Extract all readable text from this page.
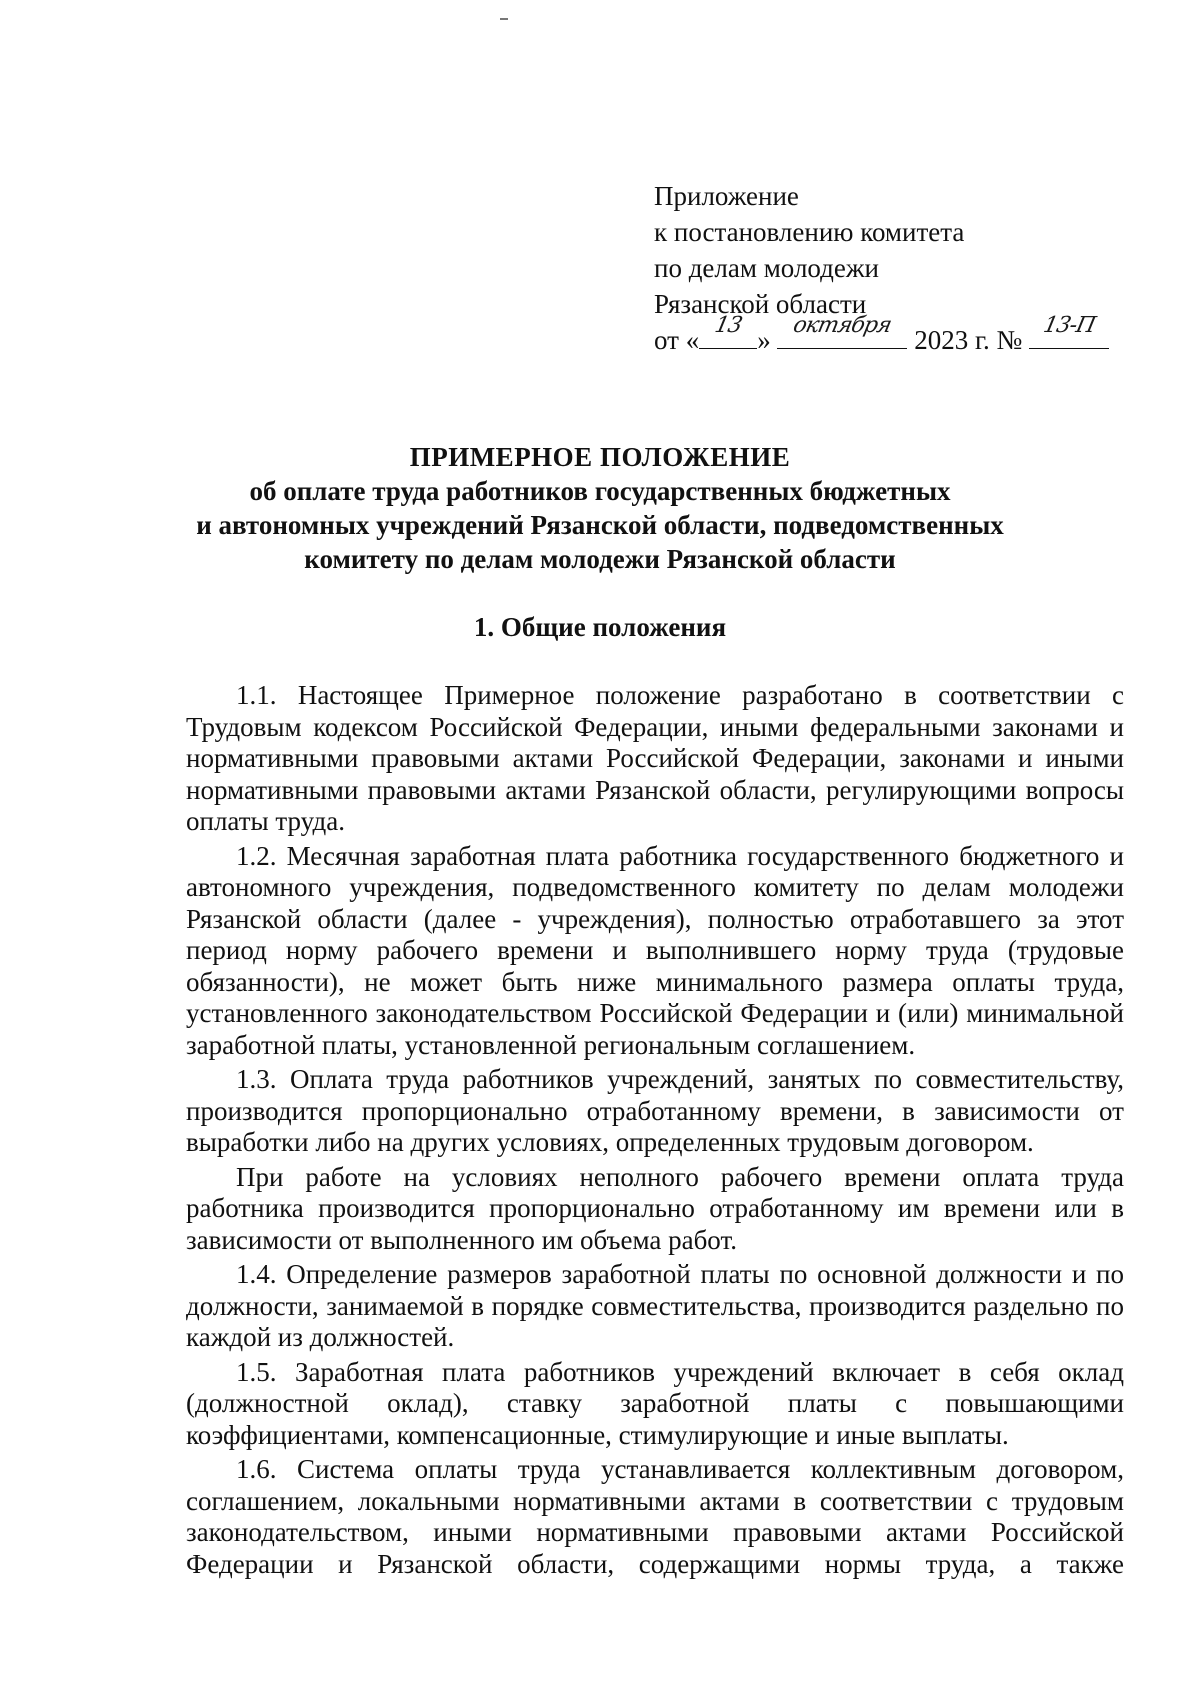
Приложение
к постановлению комитета
по делам молодежи
Рязанской области
от « 13 » октября 2023 г. № 13-П
ПРИМЕРНОЕ ПОЛОЖЕНИЕ
об оплате труда работников государственных бюджетных
и автономных учреждений Рязанской области, подведомственных
комитету по делам молодежи Рязанской области
1. Общие положения

1.1. Настоящее Примерное положение разработано в соответствии с Трудовым кодексом Российской Федерации, иными федеральными законами и нормативными правовыми актами Российской Федерации, законами и иными нормативными правовыми актами Рязанской области, регулирующими вопросы оплаты труда.

1.2. Месячная заработная плата работника государственного бюджетного и автономного учреждения, подведомственного комитету по делам молодежи Рязанской области (далее - учреждения), полностью отработавшего за этот период норму рабочего времени и выполнившего норму труда (трудовые обязанности), не может быть ниже минимального размера оплаты труда, установленного законодательством Российской Федерации и (или) минимальной заработной платы, установленной региональным соглашением.

1.3. Оплата труда работников учреждений, занятых по совместительству, производится пропорционально отработанному времени, в зависимости от выработки либо на других условиях, определенных трудовым договором.

При работе на условиях неполного рабочего времени оплата труда работника производится пропорционально отработанному им времени или в зависимости от выполненного им объема работ.

1.4. Определение размеров заработной платы по основной должности и по должности, занимаемой в порядке совместительства, производится раздельно по каждой из должностей.

1.5. Заработная плата работников учреждений включает в себя оклад (должностной оклад), ставку заработной платы с повышающими коэффициентами, компенсационные, стимулирующие и иные выплаты.

1.6. Система оплаты труда устанавливается коллективным договором, соглашением, локальными нормативными актами в соответствии с трудовым законодательством, иными нормативными правовыми актами Российской Федерации и Рязанской области, содержащими нормы труда, а также
